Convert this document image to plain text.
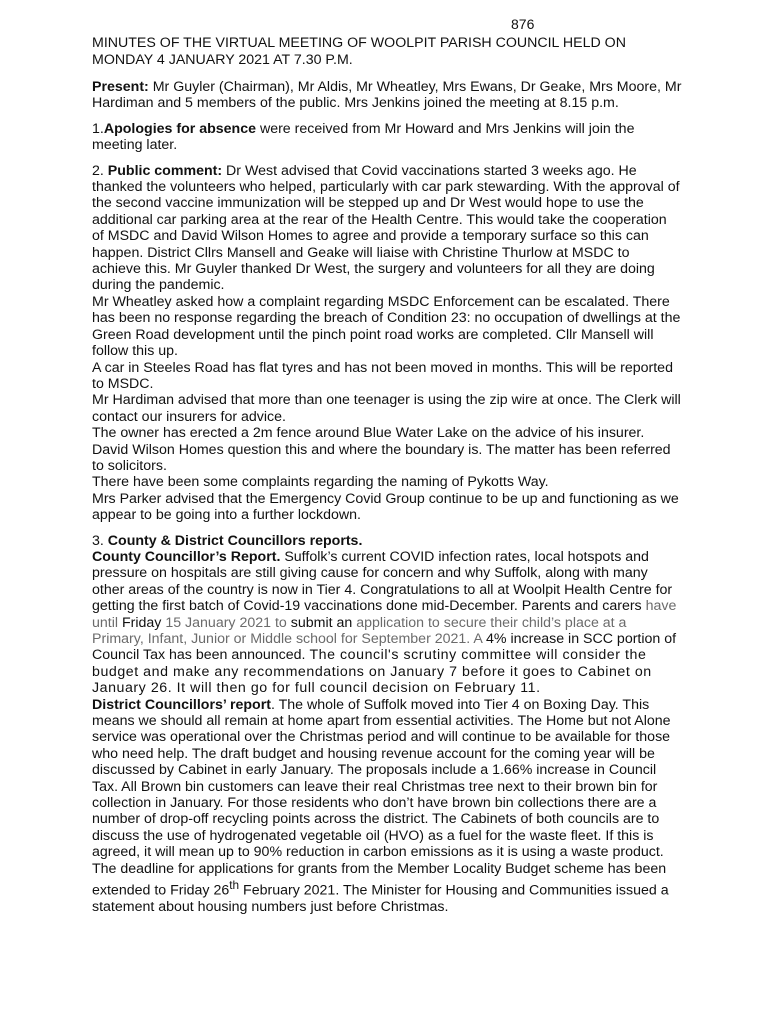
876

MINUTES OF THE VIRTUAL MEETING OF WOOLPIT PARISH COUNCIL HELD ON MONDAY 4 JANUARY 2021 AT 7.30 P.M.

Present: Mr Guyler (Chairman), Mr Aldis, Mr Wheatley, Mrs Ewans, Dr Geake, Mrs Moore, Mr Hardiman and 5 members of the public. Mrs Jenkins joined the meeting at 8.15 p.m.

1.Apologies for absence were received from Mr Howard and Mrs Jenkins will join the meeting later.

2. Public comment: Dr West advised that Covid vaccinations started 3 weeks ago. He thanked the volunteers who helped, particularly with car park stewarding. With the approval of the second vaccine immunization will be stepped up and Dr West would hope to use the additional car parking area at the rear of the Health Centre. This would take the cooperation of MSDC and David Wilson Homes to agree and provide a temporary surface so this can happen. District Cllrs Mansell and Geake will liaise with Christine Thurlow at MSDC to achieve this. Mr Guyler thanked Dr West, the surgery and volunteers for all they are doing during the pandemic.

Mr Wheatley asked how a complaint regarding MSDC Enforcement can be escalated. There has been no response regarding the breach of Condition 23: no occupation of dwellings at the Green Road development until the pinch point road works are completed. Cllr Mansell will follow this up.

A car in Steeles Road has flat tyres and has not been moved in months. This will be reported to MSDC.

Mr Hardiman advised that more than one teenager is using the zip wire at once. The Clerk will contact our insurers for advice.

The owner has erected a 2m fence around Blue Water Lake on the advice of his insurer. David Wilson Homes question this and where the boundary is. The matter has been referred to solicitors.

There have been some complaints regarding the naming of Pykotts Way.

Mrs Parker advised that the Emergency Covid Group continue to be up and functioning as we appear to be going into a further lockdown.

3. County & District Councillors reports.

County Councillor’s Report. Suffolk’s current COVID infection rates, local hotspots and pressure on hospitals are still giving cause for concern and why Suffolk, along with many other areas of the country is now in Tier 4. Congratulations to all at Woolpit Health Centre for getting the first batch of Covid-19 vaccinations done mid-December. Parents and carers have until Friday 15 January 2021 to submit an application to secure their child’s place at a Primary, Infant, Junior or Middle school for September 2021. A 4% increase in SCC portion of Council Tax has been announced. The council's scrutiny committee will consider the budget and make any recommendations on January 7 before it goes to Cabinet on January 26. It will then go for full council decision on February 11.

District Councillors’ report. The whole of Suffolk moved into Tier 4 on Boxing Day. This means we should all remain at home apart from essential activities. The Home but not Alone service was operational over the Christmas period and will continue to be available for those who need help. The draft budget and housing revenue account for the coming year will be discussed by Cabinet in early January. The proposals include a 1.66% increase in Council Tax. All Brown bin customers can leave their real Christmas tree next to their brown bin for collection in January. For those residents who don’t have brown bin collections there are a number of drop-off recycling points across the district. The Cabinets of both councils are to discuss the use of hydrogenated vegetable oil (HVO) as a fuel for the waste fleet. If this is agreed, it will mean up to 90% reduction in carbon emissions as it is using a waste product. The deadline for applications for grants from the Member Locality Budget scheme has been extended to Friday 26th February 2021. The Minister for Housing and Communities issued a statement about housing numbers just before Christmas.
